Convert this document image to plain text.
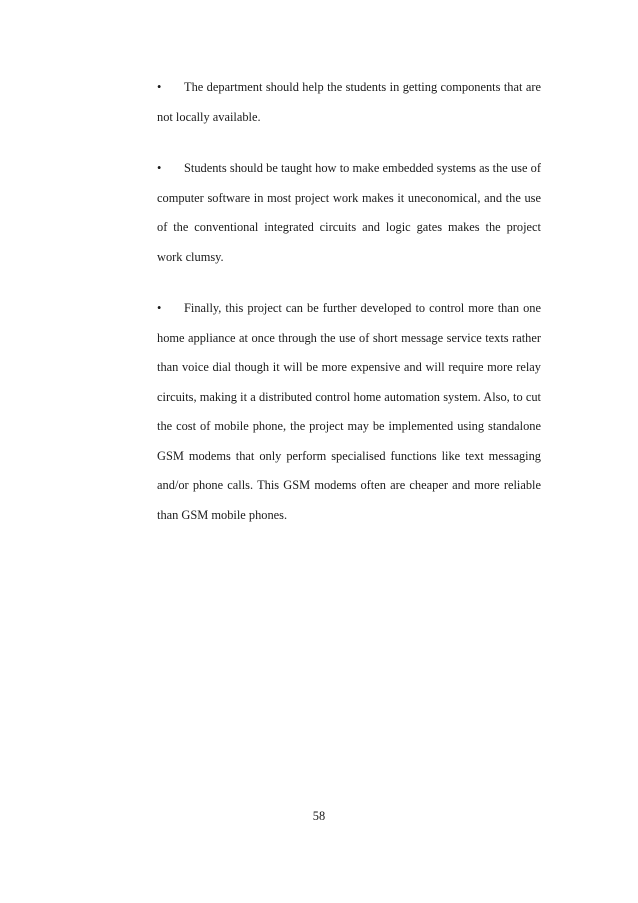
• The department should help the students in getting components that are not locally available.

• Students should be taught how to make embedded systems as the use of computer software in most project work makes it uneconomical, and the use of the conventional integrated circuits and logic gates makes the project work clumsy.

• Finally, this project can be further developed to control more than one home appliance at once through the use of short message service texts rather than voice dial though it will be more expensive and will require more relay circuits, making it a distributed control home automation system. Also, to cut the cost of mobile phone, the project may be implemented using standalone GSM modems that only perform specialised functions like text messaging and/or phone calls. This GSM modems often are cheaper and more reliable than GSM mobile phones.

58
